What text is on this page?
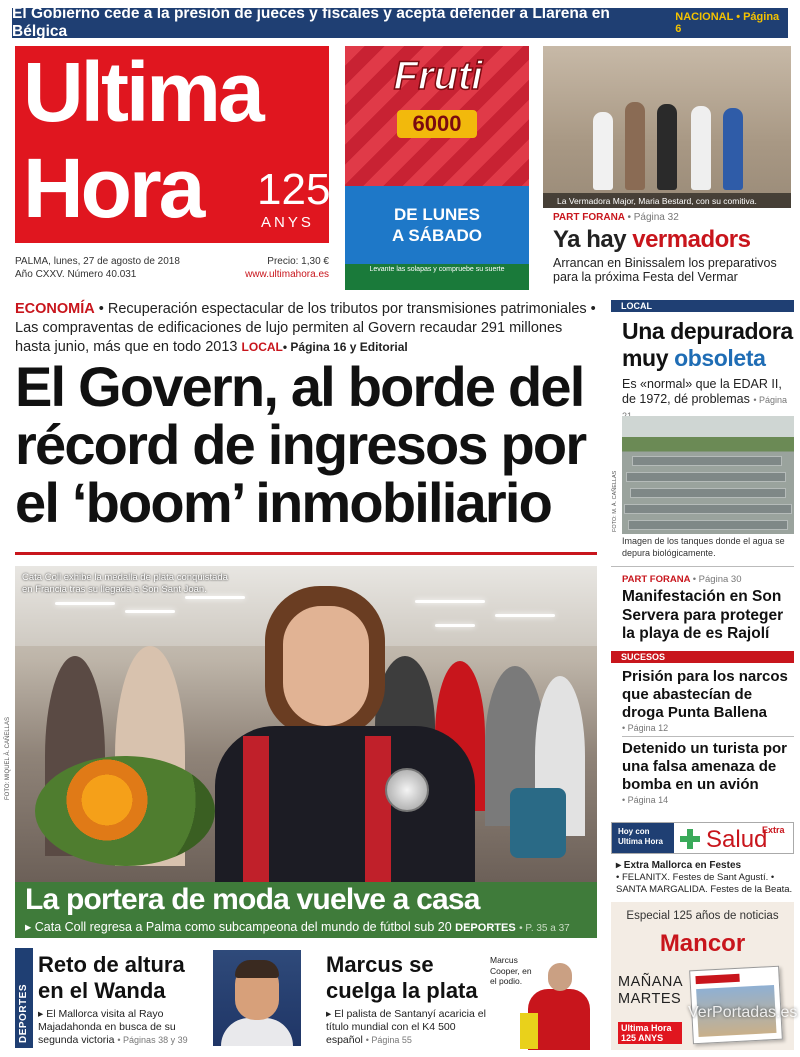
El Gobierno cede a la presión de jueces y fiscales y acepta defender a Llarena en Bélgica
NACIONAL • Página 6
Ultima
Hora 125
ANYS
PALMA, lunes, 27 de agosto de 2018	Precio: 1,30 €
Año CXXV. Número 40.031	www.ultimahora.es
Fruti
6000
DE LUNES
A SÁBADO
Levante las solapas y compruebe su suerte
La Vermadora Major, Maria Bestard, con su comitiva.
PART FORANA • Página 32
Ya hay vermadors
Arrancan en Binissalem los preparativos para la próxima Festa del Vermar
ECONOMÍA • Recuperación espectacular de los tributos por transmisiones patrimoniales • Las compraventas de edificaciones de lujo permiten al Govern recaudar 291 millones hasta junio, más que en todo 2013 LOCAL• Página 16 y Editorial
El Govern, al borde del récord de ingresos por el ‘boom’ inmobiliario
Cata Coll exhibe la medalla de plata conquistada en Francia tras su llegada a Son Sant Joan.
FOTO: MIQUEL À. CAÑELLAS
La portera de moda vuelve a casa
▸ Cata Coll regresa a Palma como subcampeona del mundo de fútbol sub 20 DEPORTES • P. 35 a 37
DEPORTES
Reto de altura en el Wanda
▸ El Mallorca visita al Rayo Majadahonda en busca de su segunda victoria • Páginas 38 y 39
Marcus se cuelga la plata
▸ El palista de Santanyí acaricia el título mundial con el K4 500 español • Página 55
Marcus Cooper, en el podio.
LOCAL
Una depuradora muy obsoleta
Es «normal» que la EDAR II, de 1972, dé problemas • Página
FOTO: M. À. CAÑELLAS
Imagen de los tanques donde el agua se depura biológicamente.
PART FORANA • Página 30
Manifestación en Son Servera para proteger la playa de es Rajolí
SUCESOS
Prisión para los narcos que abastecían de droga Punta Ballena
• Página 12
Detenido un turista por una falsa amenaza de bomba en un avión
• Página 14
Hoy con
Ultima Hora Salud
Extra
▸ Extra Mallorca en Festes
• FELANITX. Festes de Sant Agustí. • SANTA MARGALIDA. Festes de la Beata.
Especial 125 años de noticias
Mancor
MAÑANA
MARTES
Ultima Hora 125 ANYS
VerPortadas.es
